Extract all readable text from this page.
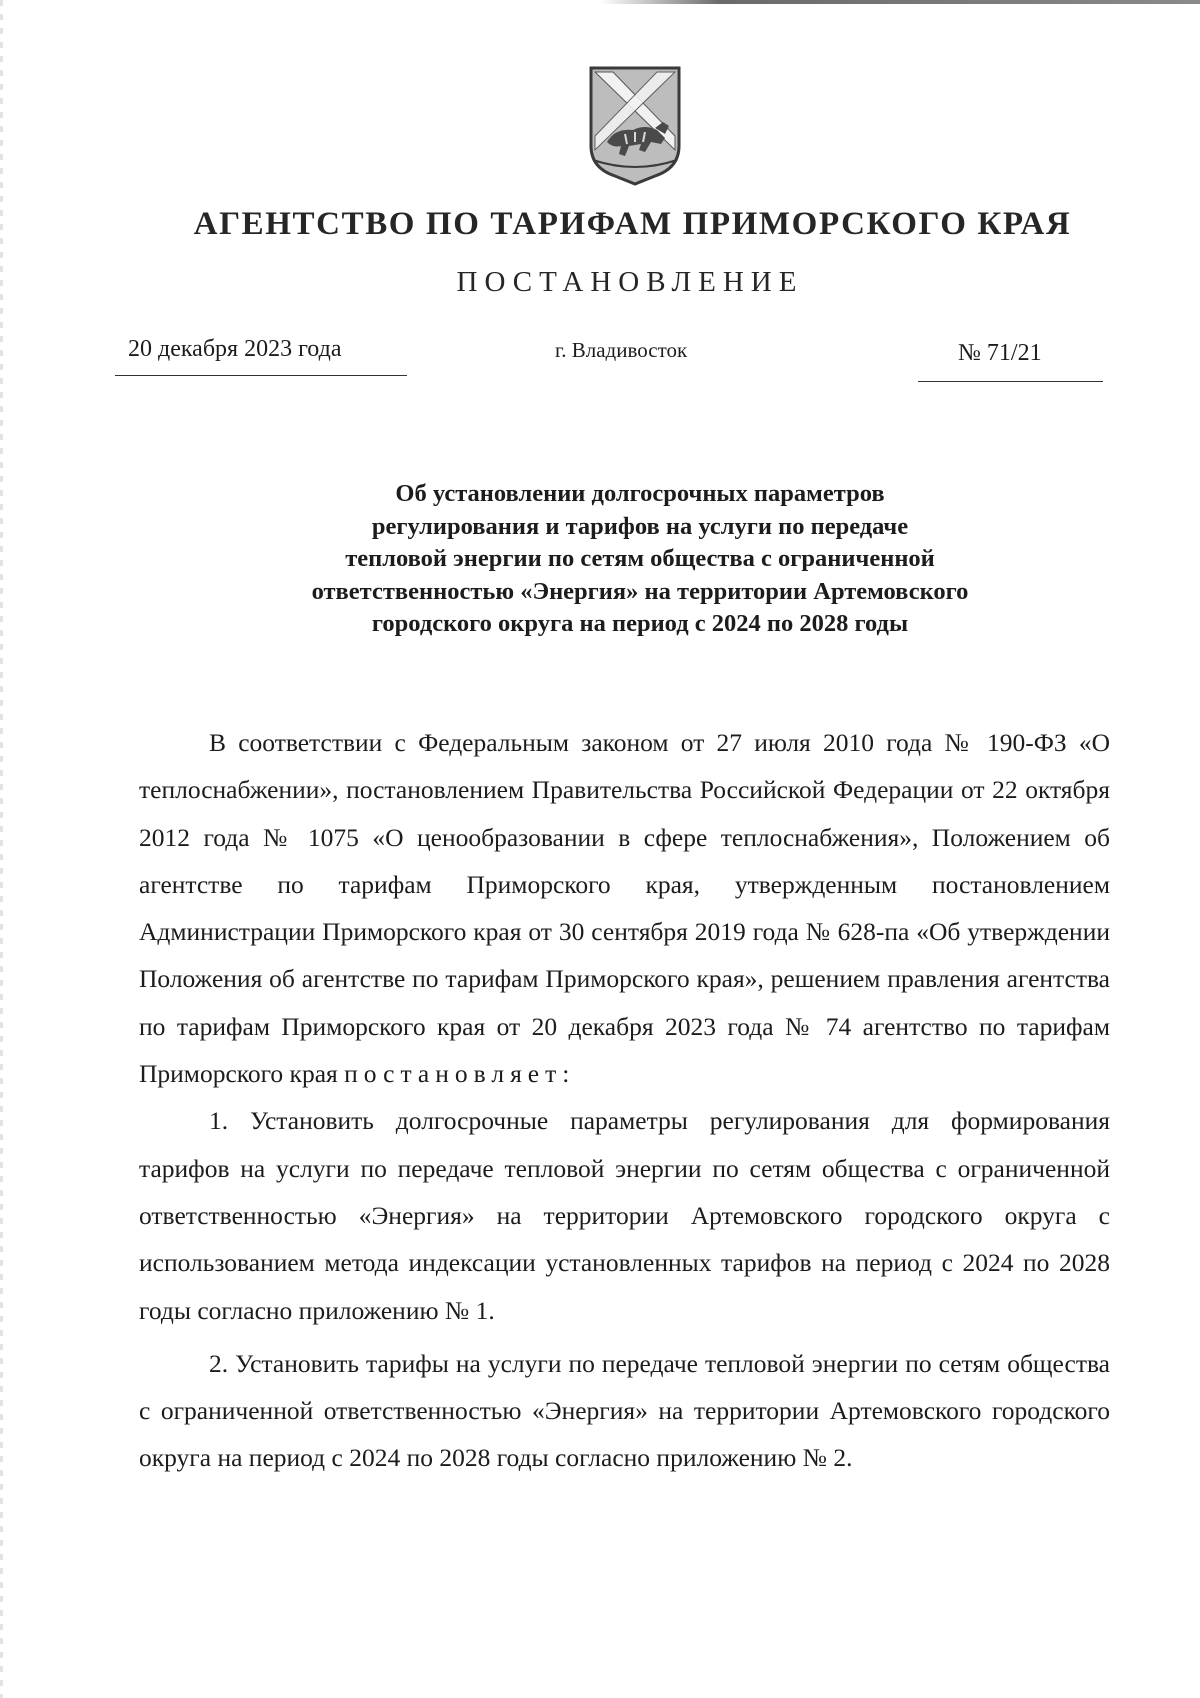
АГЕНТСТВО ПО ТАРИФАМ ПРИМОРСКОГО КРАЯ
ПОСТАНОВЛЕНИЕ
20 декабря 2023 года	г. Владивосток	№ 71/21
Об установлении долгосрочных параметров
регулирования и тарифов на услуги по передаче
тепловой энергии по сетям общества с ограниченной
ответственностью «Энергия» на территории Артемовского
городского округа на период с 2024 по 2028 годы

В соответствии с Федеральным законом от 27 июля 2010 года № 190-ФЗ «О теплоснабжении», постановлением Правительства Российской Федерации от 22 октября 2012 года № 1075 «О ценообразовании в сфере теплоснабжения», Положением об агентстве по тарифам Приморского края, утвержденным постановлением Администрации Приморского края от 30 сентября 2019 года № 628-па «Об утверждении Положения об агентстве по тарифам Приморского края», решением правления агентства по тарифам Приморского края от 20 декабря 2023 года № 74 агентство по тарифам Приморского края постановляет:

1. Установить долгосрочные параметры регулирования для формирования тарифов на услуги по передаче тепловой энергии по сетям общества с ограниченной ответственностью «Энергия» на территории Артемовского городского округа с использованием метода индексации установленных тарифов на период с 2024 по 2028 годы согласно приложению № 1.

2. Установить тарифы на услуги по передаче тепловой энергии по сетям общества с ограниченной ответственностью «Энергия» на территории Артемовского городского округа на период с 2024 по 2028 годы согласно приложению № 2.
